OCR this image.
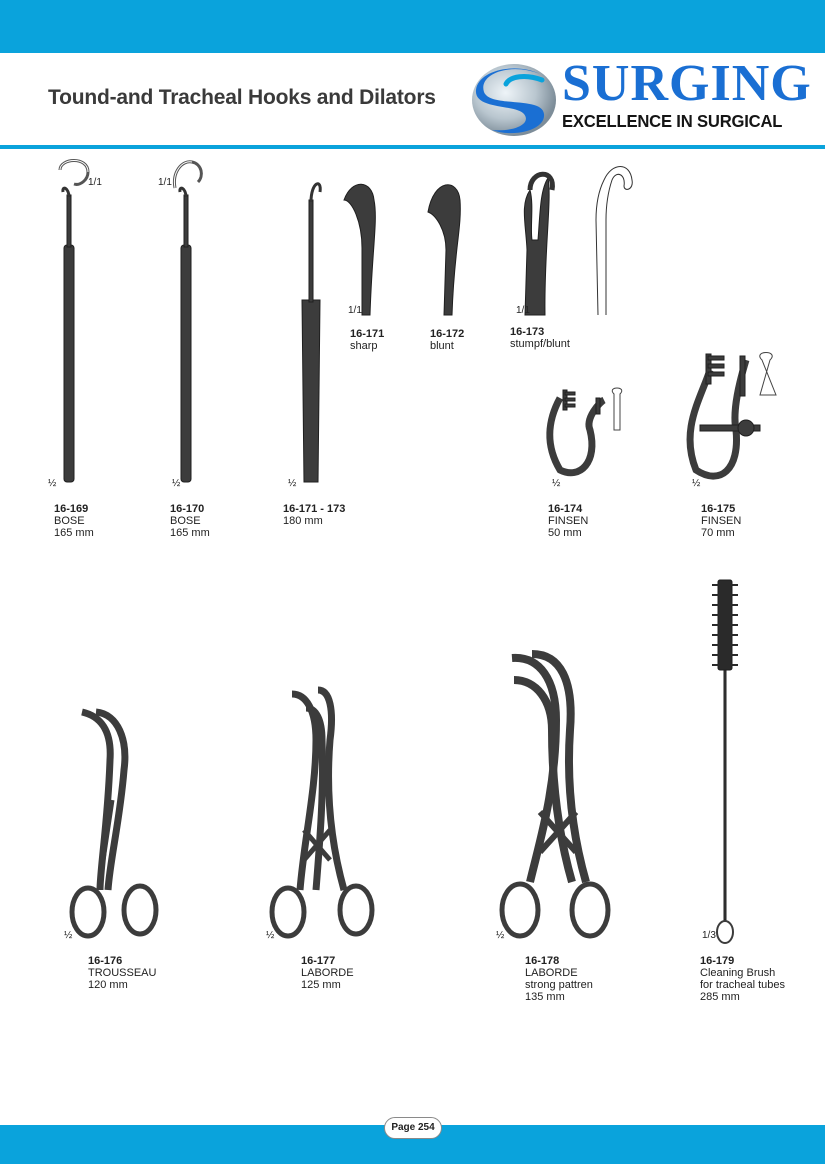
Tound-and Tracheal Hooks and Dilators SURGING
EXCELLENCE IN SURGICAL
1/1	1/1
½	½	½
1/1	1/1
½	½
½	½	½	1/3
16-169
BOSE
165 mm
16-170
BOSE
165 mm
16-171 - 173
180 mm
16-171
sharp
16-172
blunt
16-173
stumpf/blunt
16-174
FINSEN
50 mm
16-175
FINSEN
70 mm
16-176
TROUSSEAU
120 mm
16-177
LABORDE
125 mm
16-178
LABORDE
strong pattren
135 mm
16-179
Cleaning Brush
for tracheal tubes
285 mm
Page 254
